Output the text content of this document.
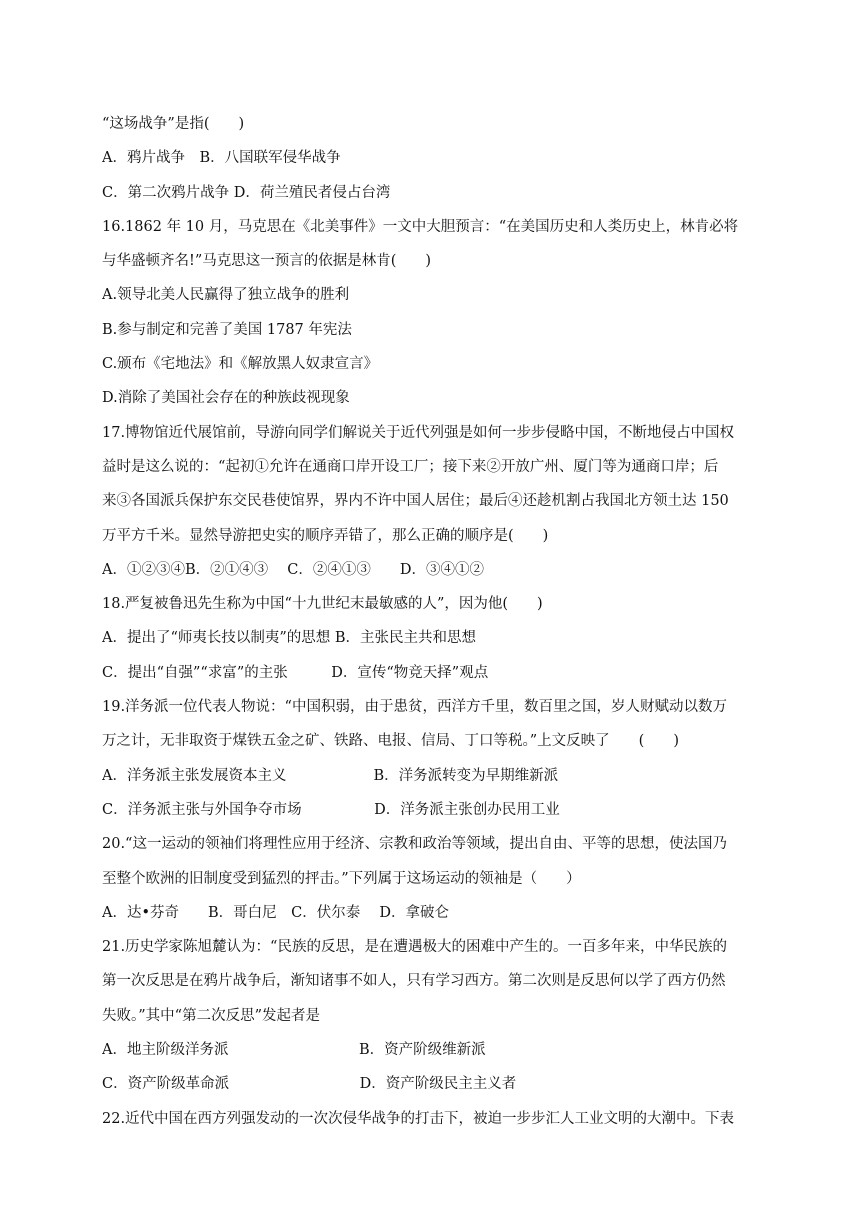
“这场战争”是指(　　)
A．鸦片战争　B．八国联军侵华战争
C．第二次鸦片战争 D．荷兰殖民者侵占台湾
16.1862 年 10 月，马克思在《北美事件》一文中大胆预言：“在美国历史和人类历史上，林肯必将
与华盛顿齐名!”马克思这一预言的依据是林肯(　　)
A.领导北美人民赢得了独立战争的胜利
B.参与制定和完善了美国 1787 年宪法
C.颁布《宅地法》和《解放黑人奴隶宣言》
D.消除了美国社会存在的种族歧视现象
17.博物馆近代展馆前，导游向同学们解说关于近代列强是如何一步步侵略中国，不断地侵占中国权
益时是这么说的：“起初①允许在通商口岸开设工厂；接下来②开放广州、厦门等为通商口岸；后
来③各国派兵保护东交民巷使馆界，界内不许中国人居住；最后④还趁机割占我国北方领土达 150
万平方千米。显然导游把史实的顺序弄错了，那么正确的顺序是(　　)
A．①②③④B．②①④③　 C．②④①③　　D．③④①②
18.严复被鲁迅先生称为中国“十九世纪末最敏感的人”，因为他(　　)
A．提出了“师夷长技以制夷”的思想 B．主张民主共和思想
C．提出“自强”“求富”的主张　　　D．宣传“物竞天择”观点
19.洋务派一位代表人物说：“中国积弱，由于患贫，西洋方千里，数百里之国，岁人财赋动以数万
万之计，无非取资于煤铁五金之矿、铁路、电报、信局、丁口等税。”上文反映了　　(　　)
A．洋务派主张发展资本主义　　　　　　B．洋务派转变为早期维新派
C．洋务派主张与外国争夺市场　　　　　D．洋务派主张创办民用工业
20.“这一运动的领袖们将理性应用于经济、宗教和政治等领域，提出自由、平等的思想，使法国乃
至整个欧洲的旧制度受到猛烈的抨击。”下列属于这场运动的领袖是（　　）
A．达•芬奇　　B．哥白尼　C．伏尔泰　 D．拿破仑
21.历史学家陈旭麓认为：“民族的反思，是在遭遇极大的困难中产生的。一百多年来，中华民族的
第一次反思是在鸦片战争后，渐知诸事不如人，只有学习西方。第二次则是反思何以学了西方仍然
失败。”其中“第二次反思”发起者是
A．地主阶级洋务派　　　　　　　　　B．资产阶级维新派
C．资产阶级革命派　　　　　　　　　D．资产阶级民主主义者
22.近代中国在西方列强发动的一次次侵华战争的打击下，被迫一步步汇人工业文明的大潮中。下表
